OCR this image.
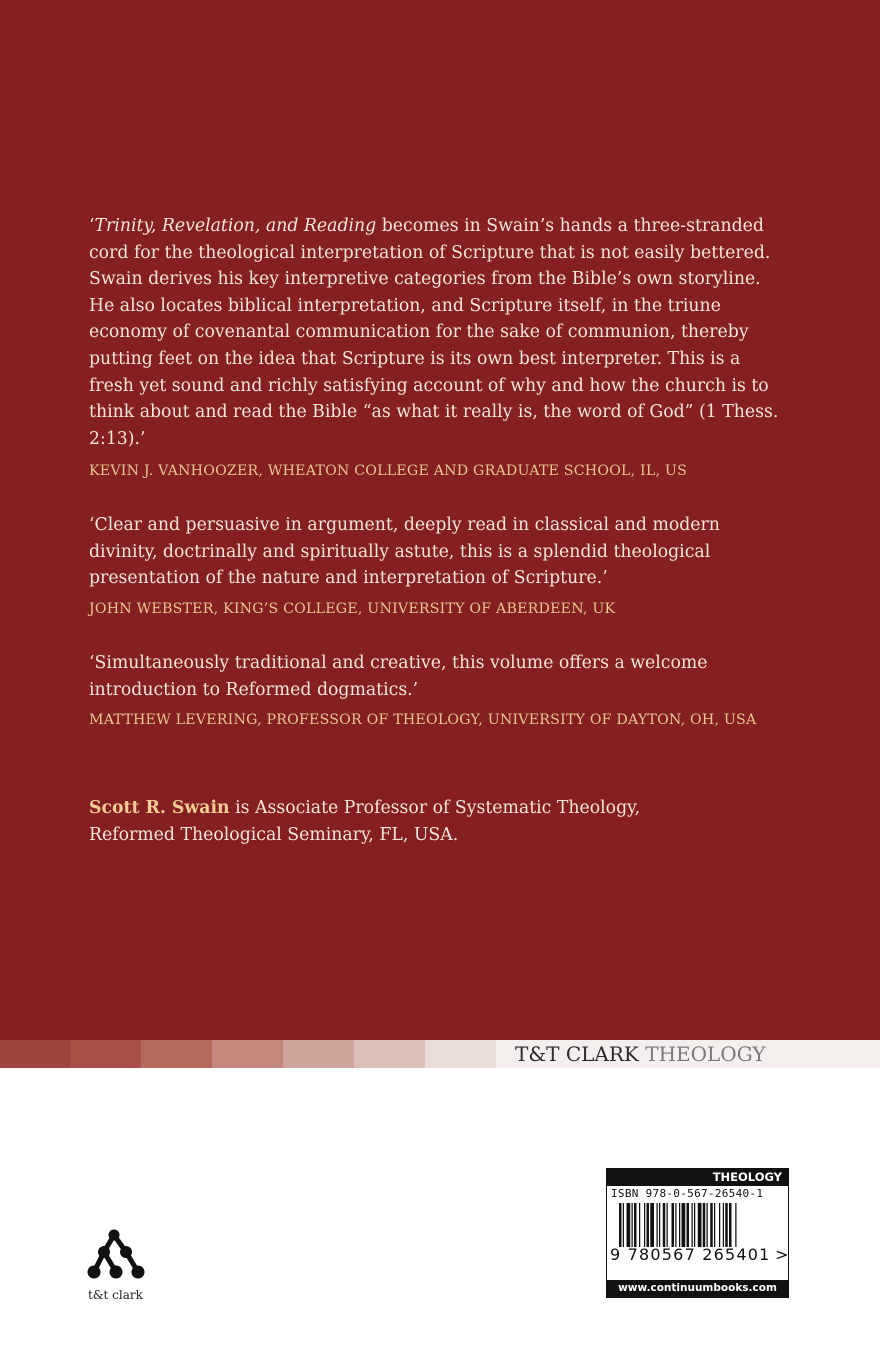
‘Trinity, Revelation, and Reading becomes in Swain’s hands a three-stranded cord for the theological interpretation of Scripture that is not easily bettered. Swain derives his key interpretive categories from the Bible’s own storyline. He also locates biblical interpretation, and Scripture itself, in the triune economy of covenantal communication for the sake of communion, thereby putting feet on the idea that Scripture is its own best interpreter. This is a fresh yet sound and richly satisfying account of why and how the church is to think about and read the Bible “as what it really is, the word of God” (1 Thess. 2:13).’

KEVIN J. VANHOOZER, WHEATON COLLEGE AND GRADUATE SCHOOL, IL, US

‘Clear and persuasive in argument, deeply read in classical and modern divinity, doctrinally and spiritually astute, this is a splendid theological presentation of the nature and interpretation of Scripture.’

JOHN WEBSTER, KING’S COLLEGE, UNIVERSITY OF ABERDEEN, UK

‘Simultaneously traditional and creative, this volume offers a welcome introduction to Reformed dogmatics.’

MATTHEW LEVERING, PROFESSOR OF THEOLOGY, UNIVERSITY OF DAYTON, OH, USA

Scott R. Swain is Associate Professor of Systematic Theology, Reformed Theological Seminary, FL, USA.

T&T CLARK THEOLOGY
t&t clark
THEOLOGY
ISBN 978-0-567-26540-1
9 780567 265401 >
www.continuumbooks.com
